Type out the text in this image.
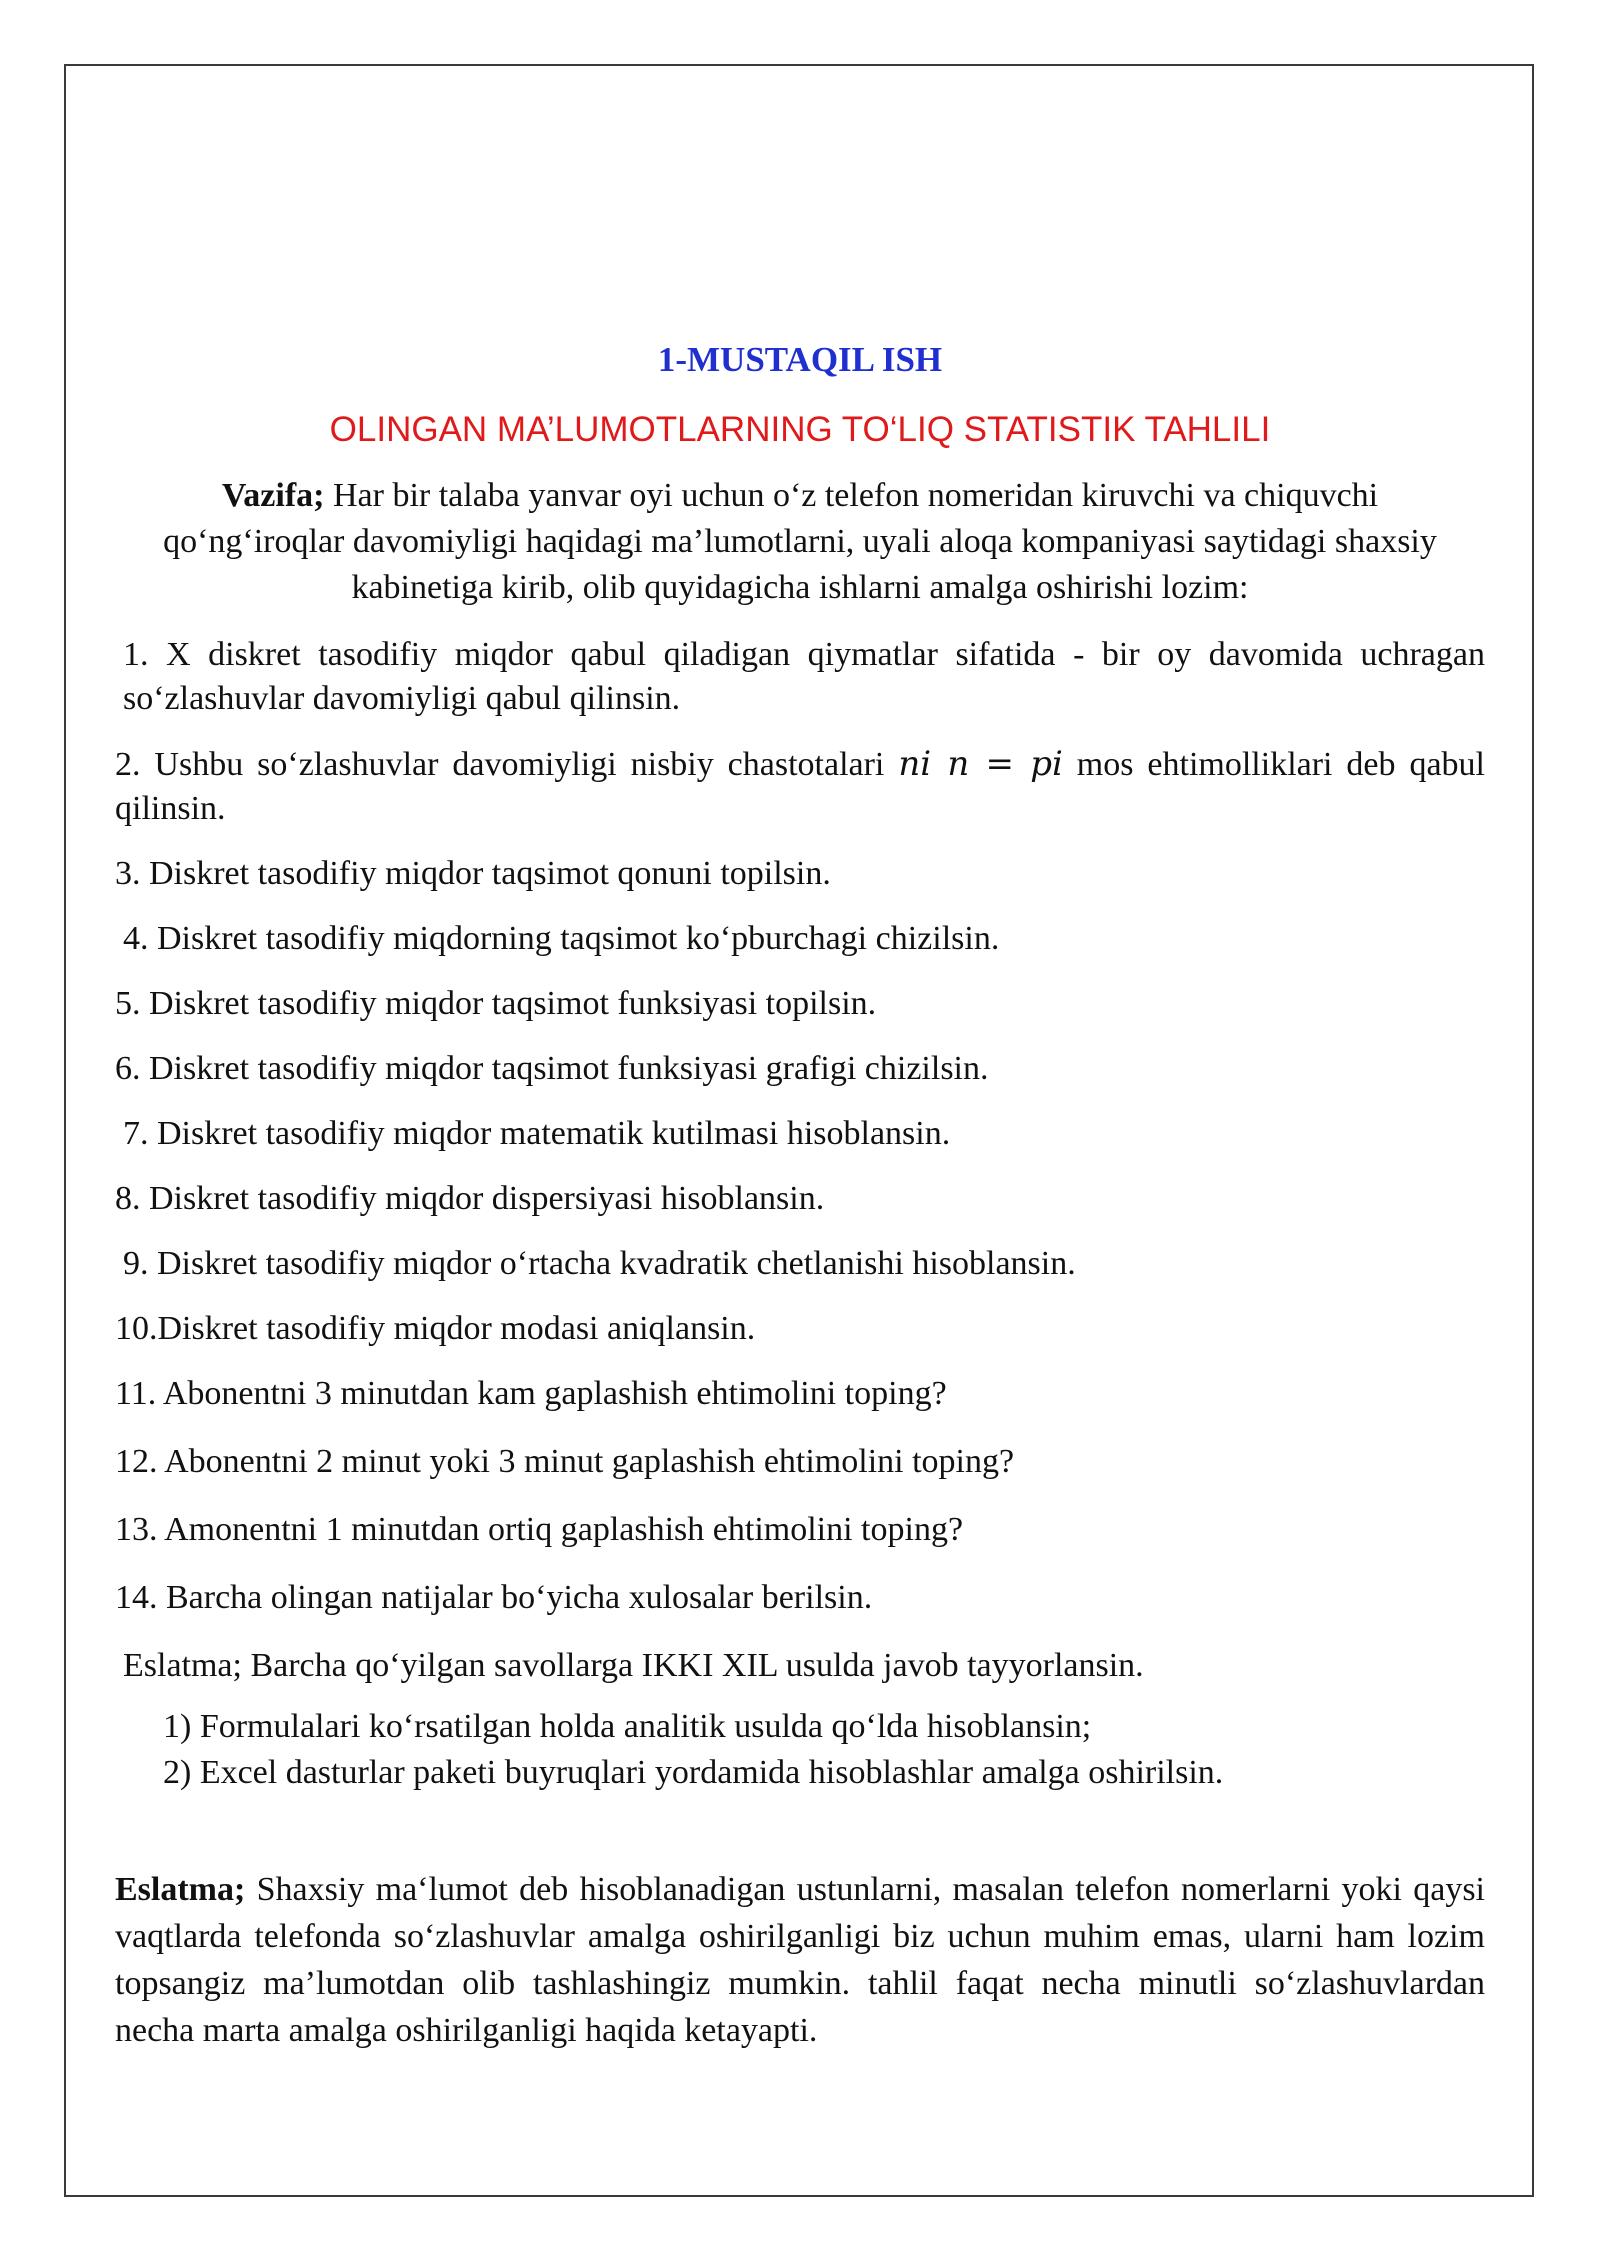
1-MUSTAQIL ISH

OLINGAN MA’LUMOTLARNING TO‘LIQ STATISTIK TAHLILI

Vazifa; Har bir talaba yanvar oyi uchun o‘z telefon nomeridan kiruvchi va chiquvchi qo‘ng‘iroqlar davomiyligi haqidagi ma’lumotlarni, uyali aloqa kompaniyasi saytidagi shaxsiy kabinetiga kirib, olib quyidagicha ishlarni amalga oshirishi lozim:

1. X diskret tasodifiy miqdor qabul qiladigan qiymatlar sifatida - bir oy davomida uchragan so‘zlashuvlar davomiyligi qabul qilinsin.

2. Ushbu so‘zlashuvlar davomiyligi nisbiy chastotalari ni n = pi mos ehtimolliklari deb qabul qilinsin.

3. Diskret tasodifiy miqdor taqsimot qonuni topilsin.

4. Diskret tasodifiy miqdorning taqsimot ko‘pburchagi chizilsin.

5. Diskret tasodifiy miqdor taqsimot funksiyasi topilsin.

6. Diskret tasodifiy miqdor taqsimot funksiyasi grafigi chizilsin.

7. Diskret tasodifiy miqdor matematik kutilmasi hisoblansin.

8. Diskret tasodifiy miqdor dispersiyasi hisoblansin.

9. Diskret tasodifiy miqdor o‘rtacha kvadratik chetlanishi hisoblansin.

10.Diskret tasodifiy miqdor modasi aniqlansin.

11. Abonentni 3 minutdan kam gaplashish ehtimolini toping?

12. Abonentni 2 minut yoki 3 minut gaplashish ehtimolini toping?

13. Amonentni 1 minutdan ortiq gaplashish ehtimolini toping?

14. Barcha olingan natijalar bo‘yicha xulosalar berilsin.

Eslatma; Barcha qo‘yilgan savollarga IKKI XIL usulda javob tayyorlansin.

1) Formulalari ko‘rsatilgan holda analitik usulda qo‘lda hisoblansin;

2) Excel dasturlar paketi buyruqlari yordamida hisoblashlar amalga oshirilsin.

Eslatma; Shaxsiy ma‘lumot deb hisoblanadigan ustunlarni, masalan telefon nomerlarni yoki qaysi vaqtlarda telefonda so‘zlashuvlar amalga oshirilganligi biz uchun muhim emas, ularni ham lozim topsangiz ma’lumotdan olib tashlashingiz mumkin. tahlil faqat necha minutli so‘zlashuvlardan necha marta amalga oshirilganligi haqida ketayapti.
